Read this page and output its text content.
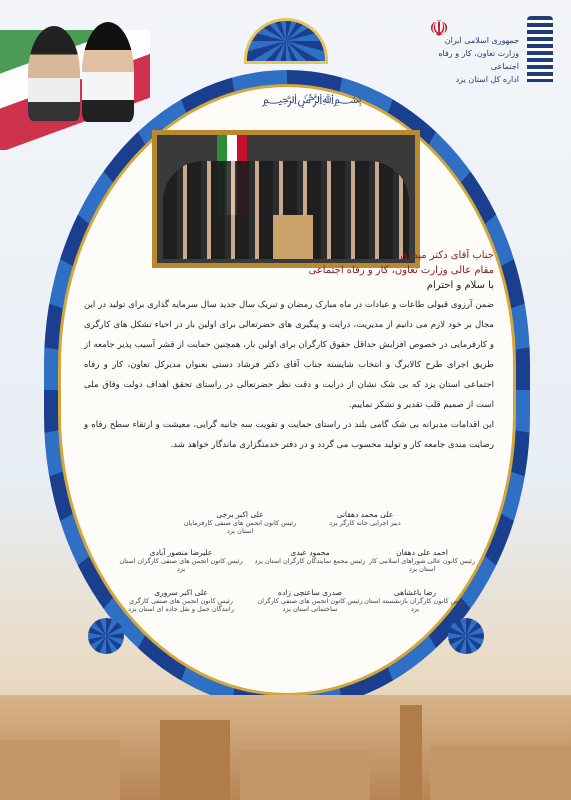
☫
جمهوری اسلامی ایران
وزارت تعاون، کار و رفاه اجتماعی
اداره کل استان یزد
﷽
جناب آقای دکتر میدری
مقام عالی وزارت تعاون، کار و رفاه اجتماعی
با سلام و احترام
ضمن آرزوی قبولی طاعات و عبادات در ماه مبارک رمضان و تبریک سال جدید سال سرمایه گذاری برای تولید در این مجال بر خود لازم می دانیم از مدیریت، درایت و پیگیری های حضرتعالی برای اولین بار در احیاء تشکل های کارگری و کارفرمایی در خصوص افزایش حداقل حقوق کارگران برای اولین بار، همچنین حمایت از قشر آسیب پذیر جامعه از طریق اجرای طرح کالابرگ و انتخاب شایسته جناب آقای دکتر فرشاد دستی بعنوان مدیرکل تعاون، کار و رفاه اجتماعی استان یزد که بی شک نشان از درایت و دقت نظر حضرتعالی در راستای تحقق اهداف دولت وفاق ملی است از صمیم قلب تقدیر و تشکر نماییم.
این اقدامات مدبرانه بی شک گامی بلند در راستای حمایت و تقویت سه جانبه گرایی، معیشت و ارتقاء سطح رفاه و رضایت مندی جامعه کار و تولید محسوب می گردد و در دفتر خدمتگزاری ماندگار خواهد شد.
علی اکبر برجی
رئیس کانون انجمن های صنفی کارفرمایان استان یزد
علی محمد دهقانی
دبیر اجرایی خانه کارگر یزد
علیرضا منصور آبادی
رئیس کانون انجمن های صنفی کارگران استان یزد
محمود عبدی
رئیس مجمع نمایندگان کارگران استان یزد
احمد علی دهقان
رئیس کانون عالی شوراهای اسلامی کار استان یزد
علی اکبر سروری
رئیس کانون انجمن های صنفی کارگری رانندگان حمل و نقل جاده ای استان یزد
صدری ساعتچی زاده
رئیس کانون انجمن های صنفی کارگران ساختمانی استان یزد
رضا باغشاهی
رئیس کانون کارگران بازنشسته استان یزد
